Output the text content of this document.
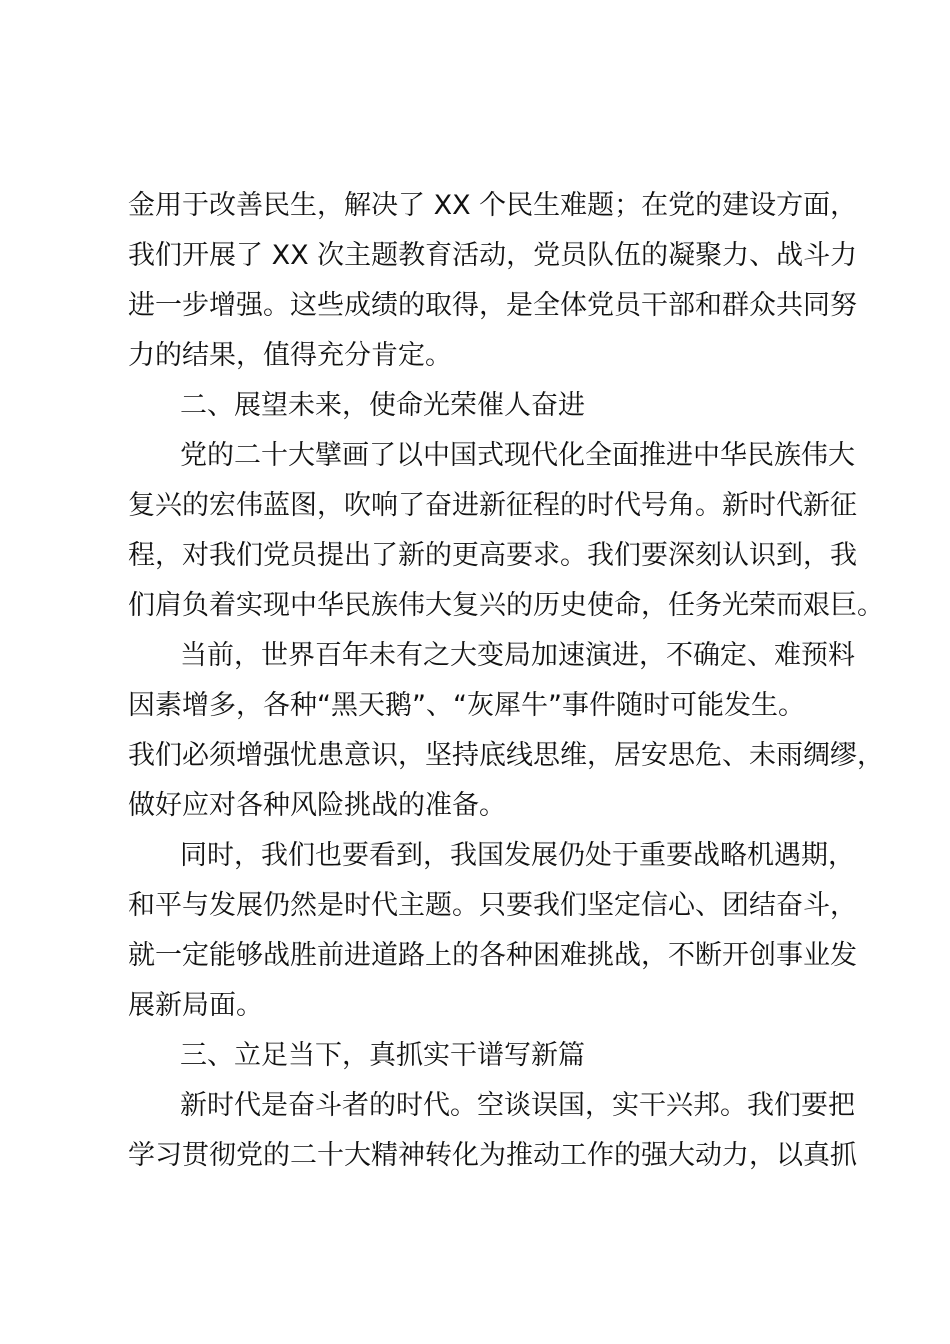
金用于改善民生，解决了 XX 个民生难题；在党的建设方面，
我们开展了 XX 次主题教育活动，党员队伍的凝聚力、战斗力
进一步增强。这些成绩的取得，是全体党员干部和群众共同努
力的结果，值得充分肯定。
二、展望未来，使命光荣催人奋进
党的二十大擘画了以中国式现代化全面推进中华民族伟大
复兴的宏伟蓝图，吹响了奋进新征程的时代号角。新时代新征
程，对我们党员提出了新的更高要求。我们要深刻认识到，我
们肩负着实现中华民族伟大复兴的历史使命，任务光荣而艰巨。
当前，世界百年未有之大变局加速演进，不确定、难预料
因素增多，各种“黑天鹅”、“灰犀牛”事件随时可能发生。
我们必须增强忧患意识，坚持底线思维，居安思危、未雨绸缪，
做好应对各种风险挑战的准备。
同时，我们也要看到，我国发展仍处于重要战略机遇期，
和平与发展仍然是时代主题。只要我们坚定信心、团结奋斗，
就一定能够战胜前进道路上的各种困难挑战，不断开创事业发
展新局面。
三、立足当下，真抓实干谱写新篇
新时代是奋斗者的时代。空谈误国，实干兴邦。我们要把
学习贯彻党的二十大精神转化为推动工作的强大动力，以真抓
